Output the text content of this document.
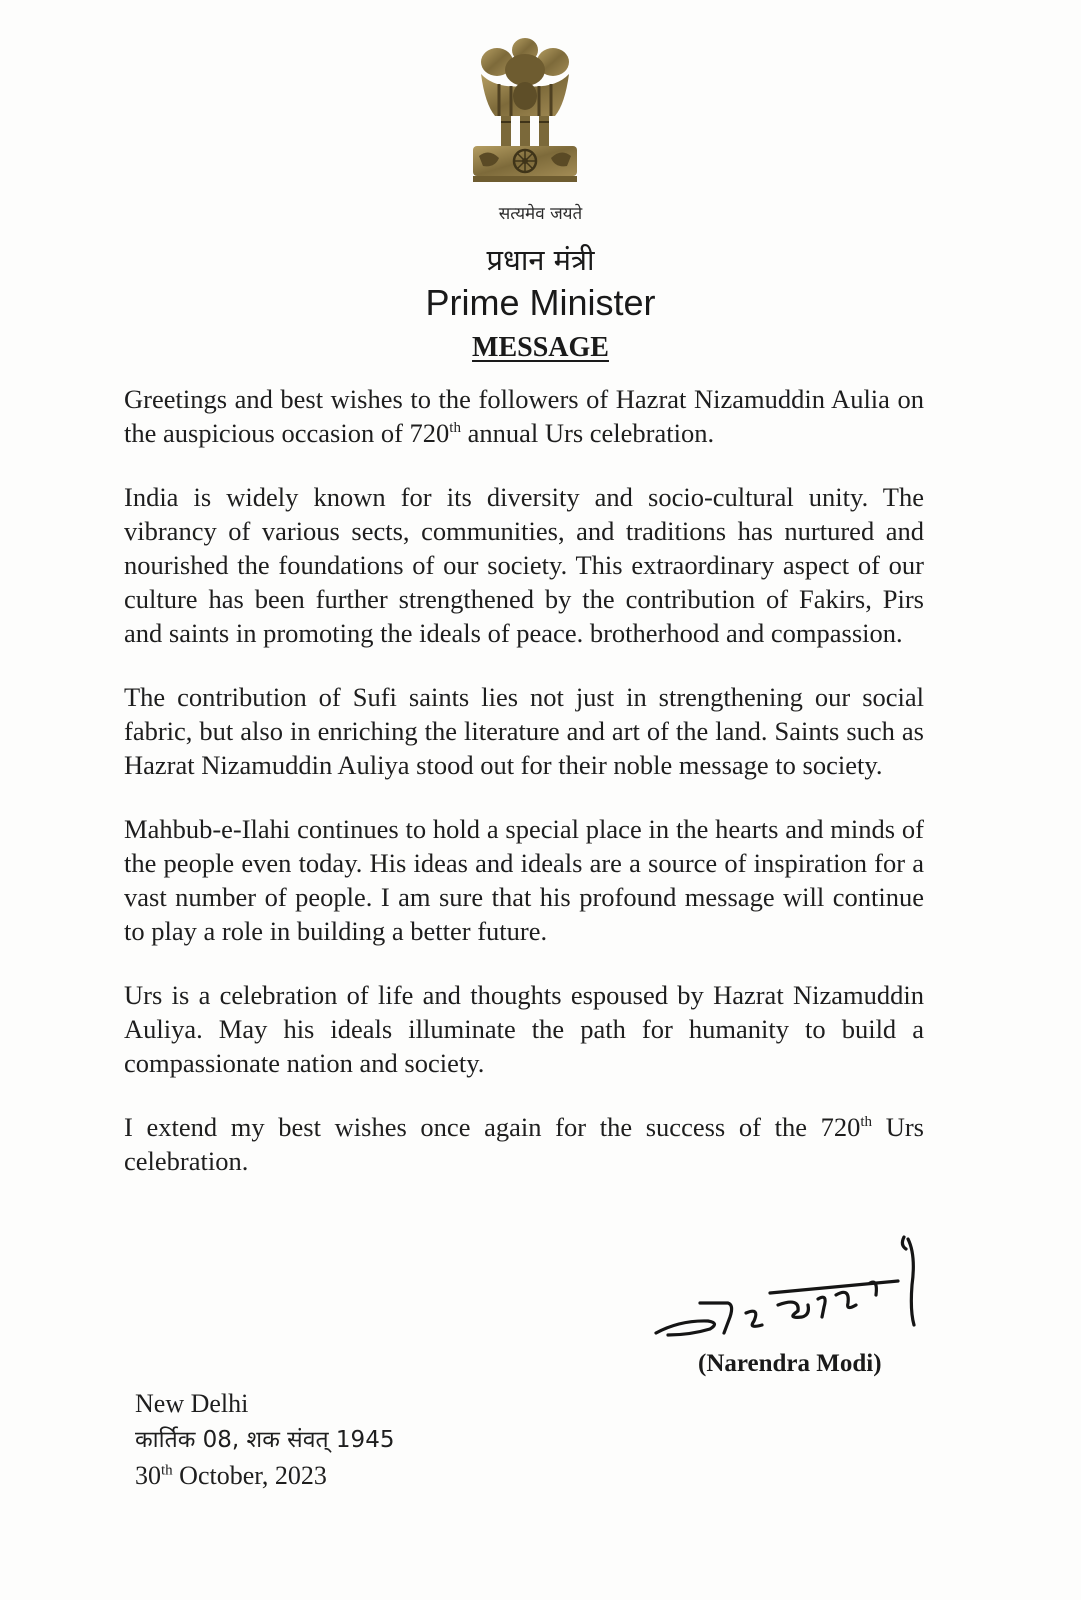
सत्यमेव जयते
प्रधान मंत्री
Prime Minister
MESSAGE

Greetings and best wishes to the followers of Hazrat Nizamuddin Aulia on the auspicious occasion of 720th annual Urs celebration.

India is widely known for its diversity and socio-cultural unity. The vibrancy of various sects, communities, and traditions has nurtured and nourished the foundations of our society. This extraordinary aspect of our culture has been further strengthened by the contribution of Fakirs, Pirs and saints in promoting the ideals of peace. brotherhood and compassion.

The contribution of Sufi saints lies not just in strengthening our social fabric, but also in enriching the literature and art of the land. Saints such as Hazrat Nizamuddin Auliya stood out for their noble message to society.

Mahbub-e-Ilahi continues to hold a special place in the hearts and minds of the people even today. His ideas and ideals are a source of inspiration for a vast number of people. I am sure that his profound message will continue to play a role in building a better future.

Urs is a celebration of life and thoughts espoused by Hazrat Nizamuddin Auliya. May his ideals illuminate the path for humanity to build a compassionate nation and society.

I extend my best wishes once again for the success of the 720th Urs celebration.

(Narendra Modi)
New Delhi
कार्तिक 08, शक संवत् 1945
30th October, 2023
